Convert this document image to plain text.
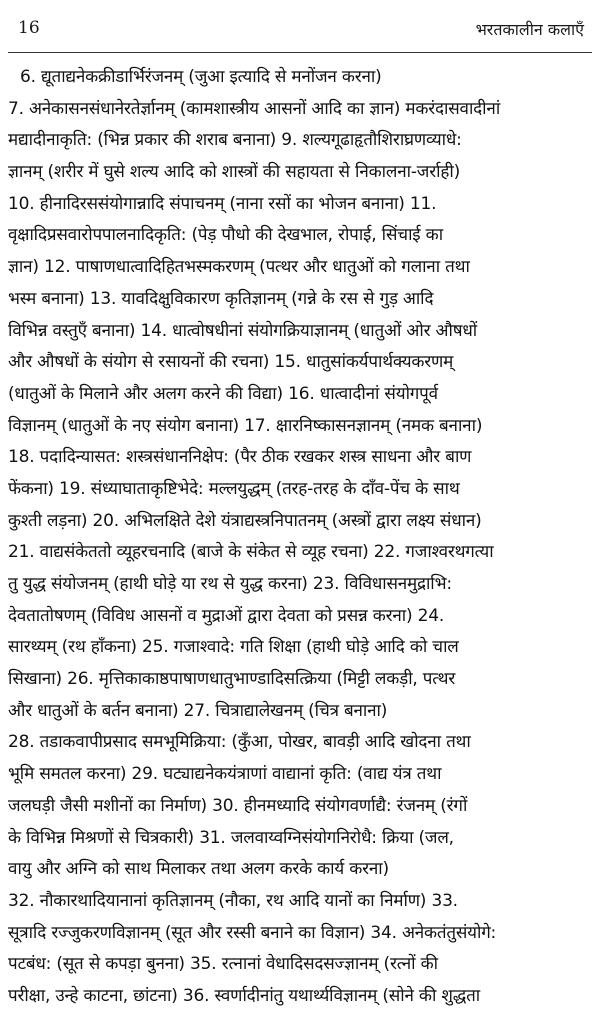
16	भरतकालीन कलाएँ
6. द्यूताद्यनेकक्रीडार्भिरंजनम् (जुआ इत्यादि से मनोंजन करना)
7. अनेकासनसंधानेरतेर्ज्ञानम् (कामशास्त्रीय आसनों आदि का ज्ञान) मकरंदासवादीनां
मद्यादीनाकृति: (भिन्न प्रकार की शराब बनाना) 9. शल्यगूढाहृतौशिराघ्रणव्याधे:
ज्ञानम् (शरीर में घुसे शल्य आदि को शास्त्रों की सहायता से निकालना-जर्राही)
10. हीनादिरससंयोगान्नादि संपाचनम् (नाना रसों का भोजन बनाना) 11.
वृक्षादिप्रसवारोपपालनादिकृति: (पेड़ पौधो की देखभाल, रोपाई, सिंचाई का
ज्ञान) 12. पाषाणधात्वादिहितभस्मकरणम् (पत्थर और धातुओं को गलाना तथा
भस्म बनाना) 13. यावदिक्षुविकारण कृतिज्ञानम् (गन्ने के रस से गुड़ आदि
विभिन्न वस्तुएँ बनाना) 14. धात्वोषधीनां संयोगक्रियाज्ञानम् (धातुओं ओर औषधों
और औषधों के संयोग से रसायनों की रचना) 15. धातुसांकर्यपार्थक्यकरणम्
(धातुओं के मिलाने और अलग करने की विद्या) 16. धात्वादीनां संयोगपूर्व
विज्ञानम् (धातुओं के नए संयोग बनाना) 17. क्षारनिष्कासनज्ञानम् (नमक बनाना)
18. पदादिन्यासत: शस्त्रसंधाननिक्षेप: (पैर ठीक रखकर शस्त्र साधना और बाण
फेंकना) 19. संध्याघाताकृष्टिभेदे: मल्लयुद्धम् (तरह-तरह के दाँव-पेंच के साथ
कुश्ती लड़ना) 20. अभिलक्षिते देशे यंत्राद्यस्त्रनिपातनम् (अस्त्रों द्वारा लक्ष्य संधान)
21. वाद्यसंकेततो व्यूहरचनादि (बाजे के संकेत से व्यूह रचना) 22. गजाश्वरथगत्या
तु युद्ध संयोजनम् (हाथी घोड़े या रथ से युद्ध करना) 23. विविधासनमुद्राभि:
देवतातोषणम् (विविध आसनों व मुद्राओं द्वारा देवता को प्रसन्न करना) 24.
सारथ्यम् (रथ हाँकना) 25. गजाश्वादे: गति शिक्षा (हाथी घोड़े आदि को चाल
सिखाना) 26. मृत्तिकाकाष्ठपाषाणधातुभाण्डादिसत्क्रिया (मिट्टी लकड़ी, पत्थर
और धातुओं के बर्तन बनाना) 27. चित्राद्यालेखनम् (चित्र बनाना)
28. तडाकवापीप्रसाद समभूमिक्रिया: (कुँआ, पोखर, बावड़ी आदि खोदना तथा
भूमि समतल करना) 29. घट्याद्यनेकयंत्राणां वाद्यानां कृति: (वाद्य यंत्र तथा
जलघड़ी जैसी मशीनों का निर्माण) 30. हीनमध्यादि संयोगवर्णाद्यै: रंजनम् (रंगों
के विभिन्न मिश्रणों से चित्रकारी) 31. जलवाय्वग्निसंयोगनिरोधै: क्रिया (जल,
वायु और अग्नि को साथ मिलाकर तथा अलग करके कार्य करना)
32. नौकारथादियानानां कृतिज्ञानम् (नौका, रथ आदि यानों का निर्माण) 33.
सूत्रादि रज्जुकरणविज्ञानम् (सूत और रस्सी बनाने का विज्ञान) 34. अनेकतंतुसंयोगे:
पटबंध: (सूत से कपड़ा बुनना) 35. रत्नानां वेधादिसदसज्ज्ञानम् (रत्नों की
परीक्षा, उन्हे काटना, छांटना) 36. स्वर्णादीनांतु यथार्थ्यविज्ञानम् (सोने की शुद्धता
